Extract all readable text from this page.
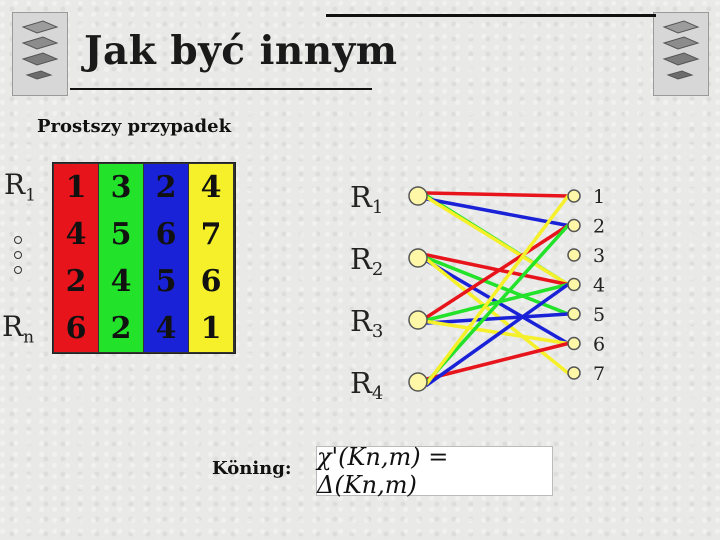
Jak być innym
Prostszy przypadek
$R_1$
$R_n$
1
4
2
6
3
5
4
2
2
6
5
4
4
7
6
1
$R_1$
$R_2$
$R_3$
$R_4$
1
2
3
4
5
6
7
Köning: χ'(Kn,m) = Δ(Kn,m)
